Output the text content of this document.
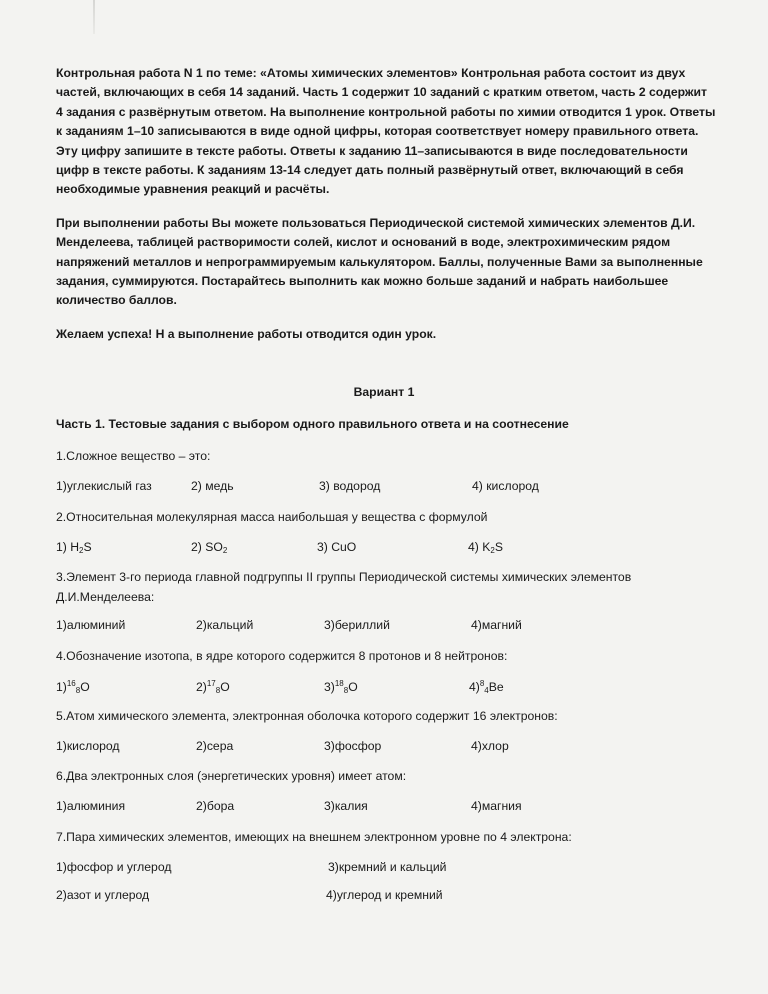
Контрольная работа N 1 по теме: «Атомы химических элементов» Контрольная работа состоит из двух частей, включающих в себя 14 заданий. Часть 1 содержит 10 заданий с кратким ответом, часть 2 содержит 4 задания с развёрнутым ответом. На выполнение контрольной работы по химии отводится 1 урок. Ответы к заданиям 1–10 записываются в виде одной цифры, которая соответствует номеру правильного ответа. Эту цифру запишите в тексте работы. Ответы к заданию 11–записываются в виде последовательности цифр в тексте работы. К заданиям 13-14 следует дать полный развёрнутый ответ, включающий в себя необходимые уравнения реакций и расчёты.

При выполнении работы Вы можете пользоваться Периодической системой химических элементов Д.И. Менделеева, таблицей растворимости солей, кислот и оснований в воде, электрохимическим рядом напряжений металлов и непрограммируемым калькулятором. Баллы, полученные Вами за выполненные задания, суммируются. Постарайтесь выполнить как можно больше заданий и набрать наибольшее количество баллов.

Желаем успеха! Н а выполнение работы отводится один урок.

Вариант 1
Часть 1. Тестовые задания с выбором одного правильного ответа и на соотнесение
1.Сложное вещество – это:
1)углекислый газ	2) медь	3) водород	4) кислород
2.Относительная молекулярная масса наибольшая у вещества с формулой
1) $H_2S$	2) $SO_2$	3) CuO	4) $K_2S$
3.Элемент 3-го периода главной подгруппы II группы Периодической системы химических элементов Д.И.Менделеева:
1)алюминий	2)кальций	3)бериллий	4)магний
4.Обозначение изотопа, в ядре которого содержится 8 протонов и 8 нейтронов:
1)$^{16}_8$O	2)$^{17}_8$O	3)$^{18}_8$O	4)$^8_4$Be
5.Атом химического элемента, электронная оболочка которого содержит 16 электронов:
1)кислород	2)сера	3)фосфор	4)хлор
6.Два электронных слоя (энергетических уровня) имеет атом:
1)алюминия	2)бора	3)калия	4)магния
7.Пара химических элементов, имеющих на внешнем электронном уровне по 4 электрона:
1)фосфор и углерод	3)кремний и кальций
2)азот и углерод	4)углерод и кремний
